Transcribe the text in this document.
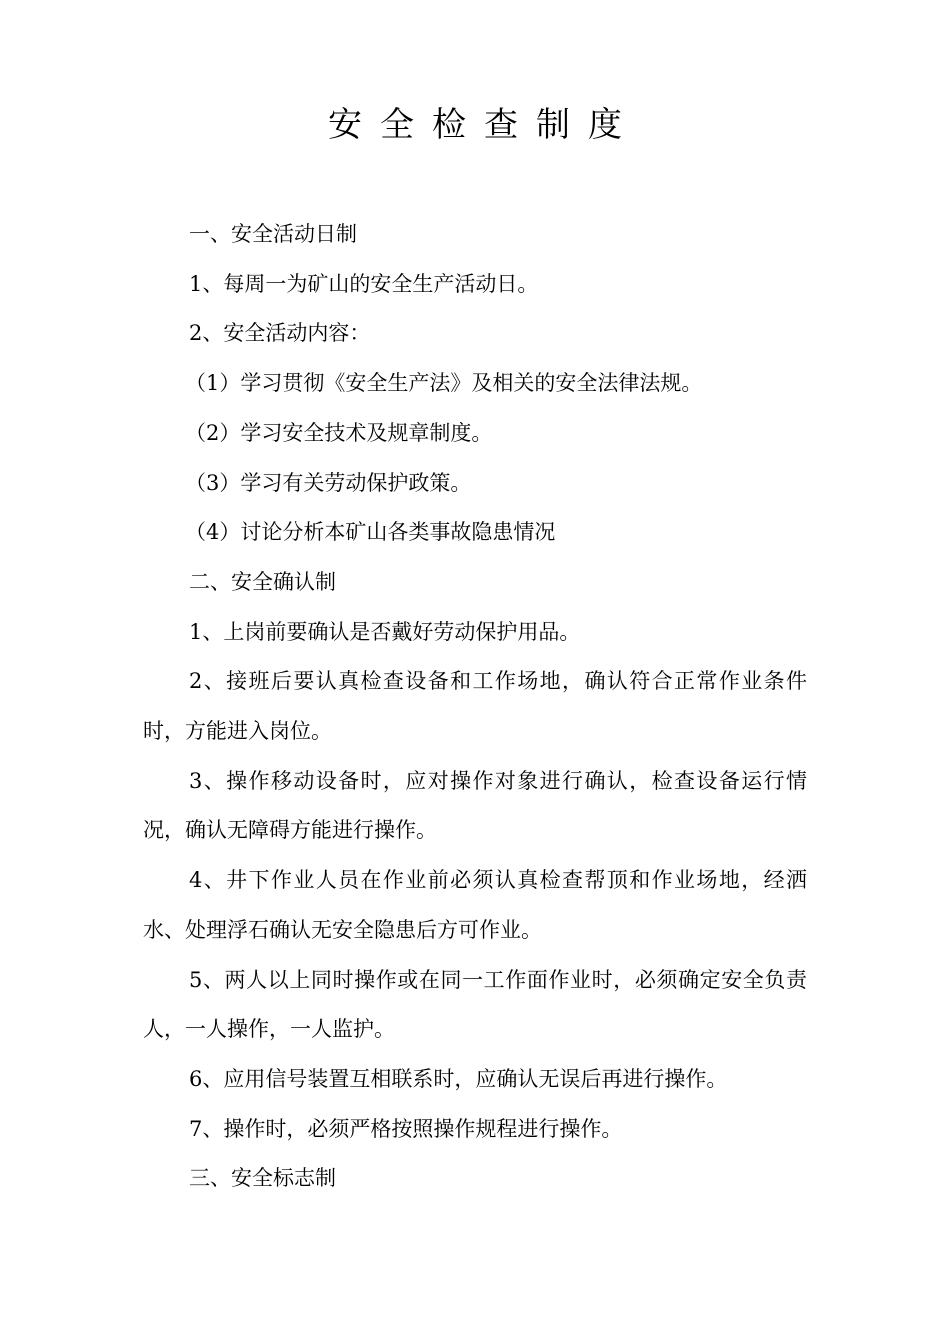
安全检查制度

一、安全活动日制

1、每周一为矿山的安全生产活动日。

2、安全活动内容：

（1）学习贯彻《安全生产法》及相关的安全法律法规。

（2）学习安全技术及规章制度。

（3）学习有关劳动保护政策。

（4）讨论分析本矿山各类事故隐患情况

二、安全确认制

1、上岗前要确认是否戴好劳动保护用品。

2、接班后要认真检查设备和工作场地，确认符合正常作业条件时，方能进入岗位。

3、操作移动设备时，应对操作对象进行确认，检查设备运行情况，确认无障碍方能进行操作。

4、井下作业人员在作业前必须认真检查帮顶和作业场地，经洒水、处理浮石确认无安全隐患后方可作业。

5、两人以上同时操作或在同一工作面作业时，必须确定安全负责人，一人操作，一人监护。

6、应用信号装置互相联系时，应确认无误后再进行操作。

7、操作时，必须严格按照操作规程进行操作。

三、安全标志制
